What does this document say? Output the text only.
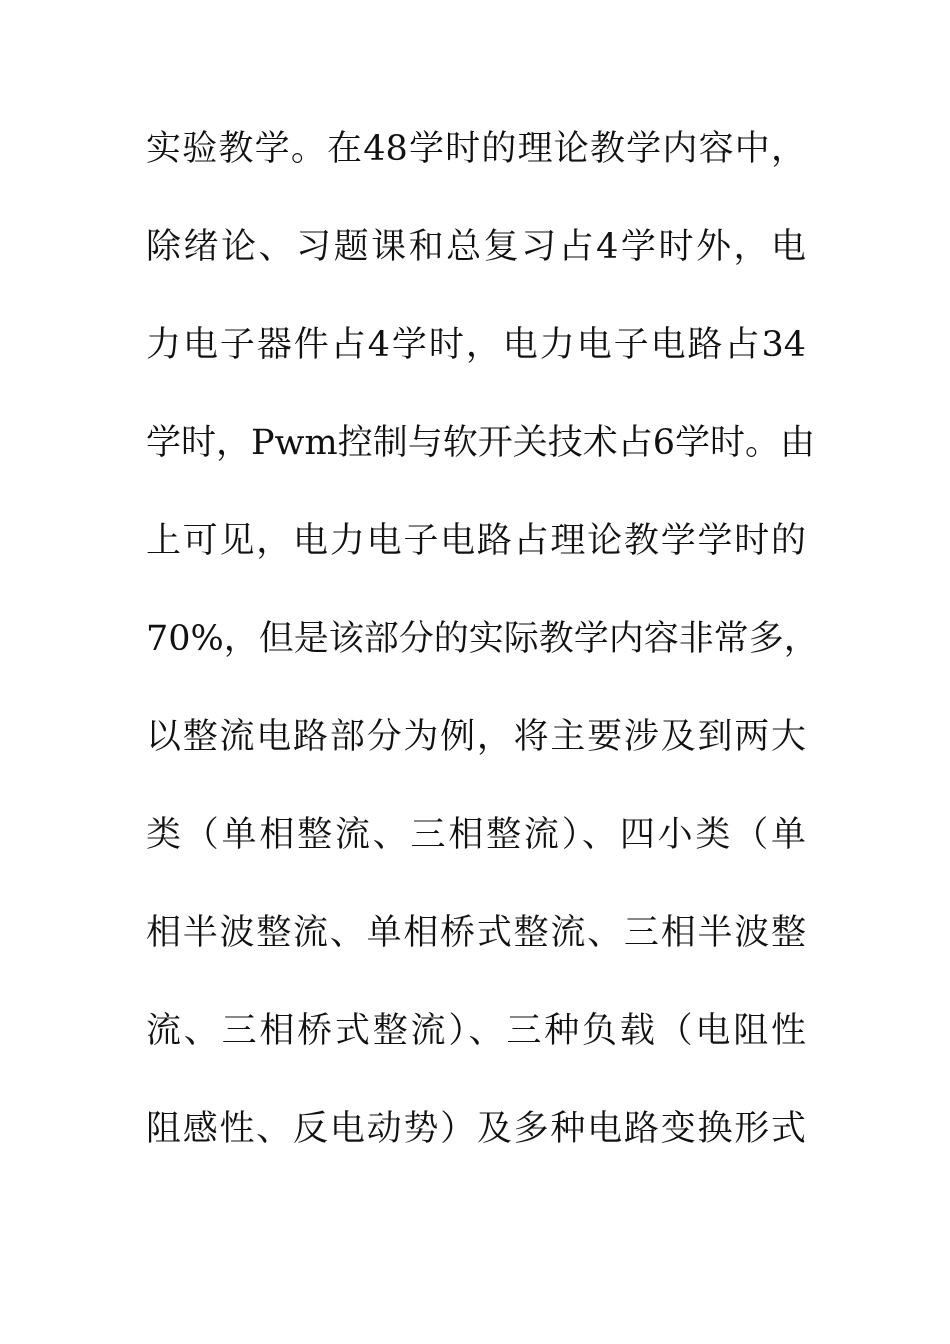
实验教学。在48学时的理论教学内容中，
除绪论、习题课和总复习占4学时外，电
力电子器件占4学时，电力电子电路占34
学时，Pwm控制与软开关技术占6学时。由
上可见，电力电子电路占理论教学学时的
70%，但是该部分的实际教学内容非常多，
以整流电路部分为例，将主要涉及到两大
类（单相整流、三相整流）、四小类（单
相半波整流、单相桥式整流、三相半波整
流、三相桥式整流）、三种负载（电阻性
阻感性、反电动势）及多种电路变换形式
